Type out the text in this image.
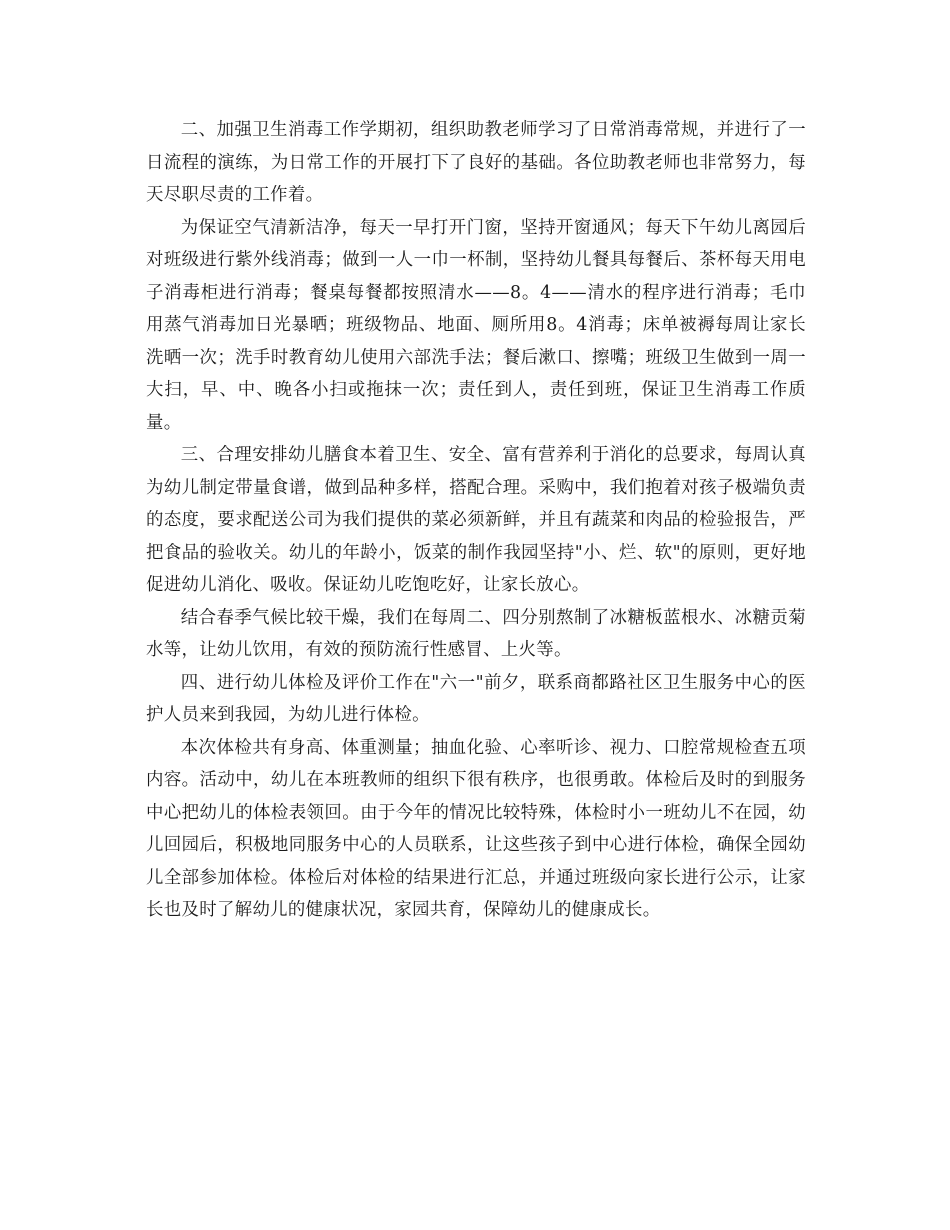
二、加强卫生消毒工作学期初，组织助教老师学习了日常消毒常规，并进行了一日流程的演练，为日常工作的开展打下了良好的基础。各位助教老师也非常努力，每天尽职尽责的工作着。

为保证空气清新洁净，每天一早打开门窗，坚持开窗通风；每天下午幼儿离园后对班级进行紫外线消毒；做到一人一巾一杯制，坚持幼儿餐具每餐后、茶杯每天用电子消毒柜进行消毒；餐桌每餐都按照清水——8。4——清水的程序进行消毒；毛巾用蒸气消毒加日光暴晒；班级物品、地面、厕所用8。4消毒；床单被褥每周让家长洗晒一次；洗手时教育幼儿使用六部洗手法；餐后漱口、擦嘴；班级卫生做到一周一大扫，早、中、晚各小扫或拖抹一次；责任到人，责任到班，保证卫生消毒工作质量。

三、合理安排幼儿膳食本着卫生、安全、富有营养利于消化的总要求，每周认真为幼儿制定带量食谱，做到品种多样，搭配合理。采购中，我们抱着对孩子极端负责的态度，要求配送公司为我们提供的菜必须新鲜，并且有蔬菜和肉品的检验报告，严把食品的验收关。幼儿的年龄小，饭菜的制作我园坚持"小、烂、软"的原则，更好地促进幼儿消化、吸收。保证幼儿吃饱吃好，让家长放心。

结合春季气候比较干燥，我们在每周二、四分别熬制了冰糖板蓝根水、冰糖贡菊水等，让幼儿饮用，有效的预防流行性感冒、上火等。

四、进行幼儿体检及评价工作在"六一"前夕，联系商都路社区卫生服务中心的医护人员来到我园，为幼儿进行体检。

本次体检共有身高、体重测量；抽血化验、心率听诊、视力、口腔常规检查五项内容。活动中，幼儿在本班教师的组织下很有秩序，也很勇敢。体检后及时的到服务中心把幼儿的体检表领回。由于今年的情况比较特殊，体检时小一班幼儿不在园，幼儿回园后，积极地同服务中心的人员联系，让这些孩子到中心进行体检，确保全园幼儿全部参加体检。体检后对体检的结果进行汇总，并通过班级向家长进行公示，让家长也及时了解幼儿的健康状况，家园共育，保障幼儿的健康成长。
